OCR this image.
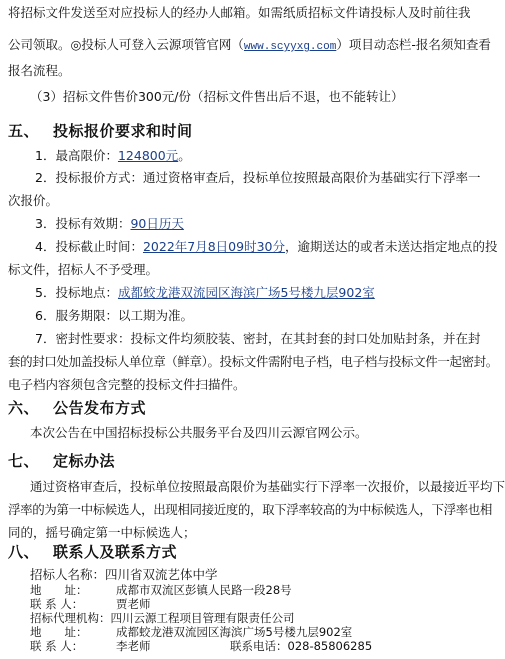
将招标文件发送至对应投标人的经办人邮箱。如需纸质招标文件请投标人及时前往我

公司领取。◎投标人可登入云源项管官网（www.scyyxg.com）项目动态栏-报名须知查看

报名流程。

（3）招标文件售价300元/份（招标文件售出后不退，也不能转让）

五、 投标报价要求和时间

1．最高限价：124800元。

2．投标报价方式：通过资格审查后，投标单位按照最高限价为基础实行下浮率一

次报价。

3．投标有效期：90日历天

4．投标截止时间：2022年7月8日09时30分，逾期送达的或者未送达指定地点的投

标文件，招标人不予受理。

5．投标地点：成都蛟龙港双流园区海滨广场5号楼九层902室

6．服务期限：以工期为准。

7．密封性要求：投标文件均须胶装、密封，在其封套的封口处加贴封条，并在封

套的封口处加盖投标人单位章（鲜章）。投标文件需附电子档，电子档与投标文件一起密封。

电子档内容须包含完整的投标文件扫描件。

六、 公告发布方式

本次公告在中国招标投标公共服务平台及四川云源官网公示。

七、 定标办法

通过资格审查后，投标单位按照最高限价为基础实行下浮率一次报价，以最接近平均下

浮率的为第一中标候选人，出现相同接近度的，取下浮率较高的为中标候选人，下浮率也相

同的，摇号确定第一中标候选人；

八、 联系人及联系方式

招标人名称：四川省双流艺体中学

地　　址： 成都市双流区彭镇人民路一段28号

联 系 人：	贾老师

招标代理机构：四川云源工程项目管理有限责任公司

地　　址： 成都蛟龙港双流园区海滨广场5号楼九层902室

联 系 人：	李老师	联系电话：028-85806285
